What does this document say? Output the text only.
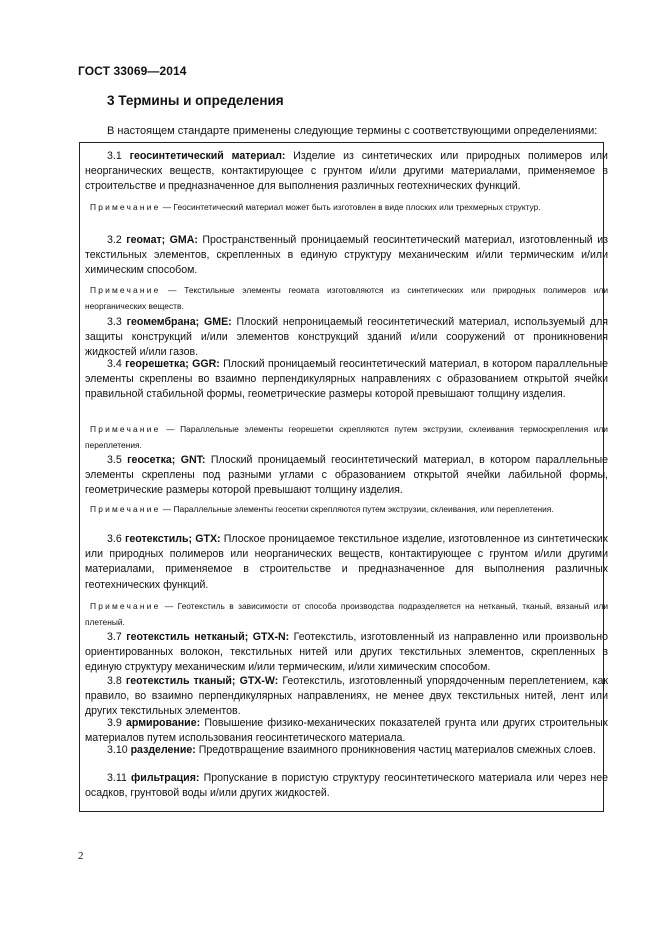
ГОСТ 33069—2014
3 Термины и определения
В настоящем стандарте применены следующие термины с соответствующими определениями:
3.1 геосинтетический материал: Изделие из синтетических или природных полимеров или неорганических веществ, контактирующее с грунтом и/или другими материалами, применяемое в строительстве и предназначенное для выполнения различных геотехнических функций.
Примечание — Геосинтетический материал может быть изготовлен в виде плоских или трехмерных структур.
3.2 геомат; GMA: Пространственный проницаемый геосинтетический материал, изготовленный из текстильных элементов, скрепленных в единую структуру механическим и/или термическим и/или химическим способом.
Примечание — Текстильные элементы геомата изготовляются из синтетических или природных полимеров или неорганических веществ.
3.3 геомембрана; GME: Плоский непроницаемый геосинтетический материал, используемый для защиты конструкций и/или элементов конструкций зданий и/или сооружений от проникновения жидкостей и/или газов.
3.4 георешетка; GGR: Плоский проницаемый геосинтетический материал, в котором параллельные элементы скреплены во взаимно перпендикулярных направлениях с образованием открытой ячейки правильной стабильной формы, геометрические размеры которой превышают толщину изделия.
Примечание — Параллельные элементы георешетки скрепляются путем экструзии, склеивания термоскрепления или переплетения.
3.5 геосетка; GNT: Плоский проницаемый геосинтетический материал, в котором параллельные элементы скреплены под разными углами с образованием открытой ячейки лабильной формы, геометрические размеры которой превышают толщину изделия.
Примечание — Параллельные элементы геосетки скрепляются путем экструзии, склеивания, или переплетения.
3.6 геотекстиль; GTX: Плоское проницаемое текстильное изделие, изготовленное из синтетических или природных полимеров или неорганических веществ, контактирующее с грунтом и/или другими материалами, применяемое в строительстве и предназначенное для выполнения различных геотехнических функций.
Примечание — Геотекстиль в зависимости от способа производства подразделяется на нетканый, тканый, вязаный или плетеный.
3.7 геотекстиль нетканый; GTX-N: Геотекстиль, изготовленный из направленно или произвольно ориентированных волокон, текстильных нитей или других текстильных элементов, скрепленных в единую структуру механическим и/или термическим, и/или химическим способом.
3.8 геотекстиль тканый; GTX-W: Геотекстиль, изготовленный упорядоченным переплетением, как правило, во взаимно перпендикулярных направлениях, не менее двух текстильных нитей, лент или других текстильных элементов.
3.9 армирование: Повышение физико-механических показателей грунта или других строительных материалов путем использования геосинтетического материала.
3.10 разделение: Предотвращение взаимного проникновения частиц материалов смежных слоев.
3.11 фильтрация: Пропускание в пористую структуру геосинтетического материала или через нее осадков, грунтовой воды и/или других жидкостей.
2
